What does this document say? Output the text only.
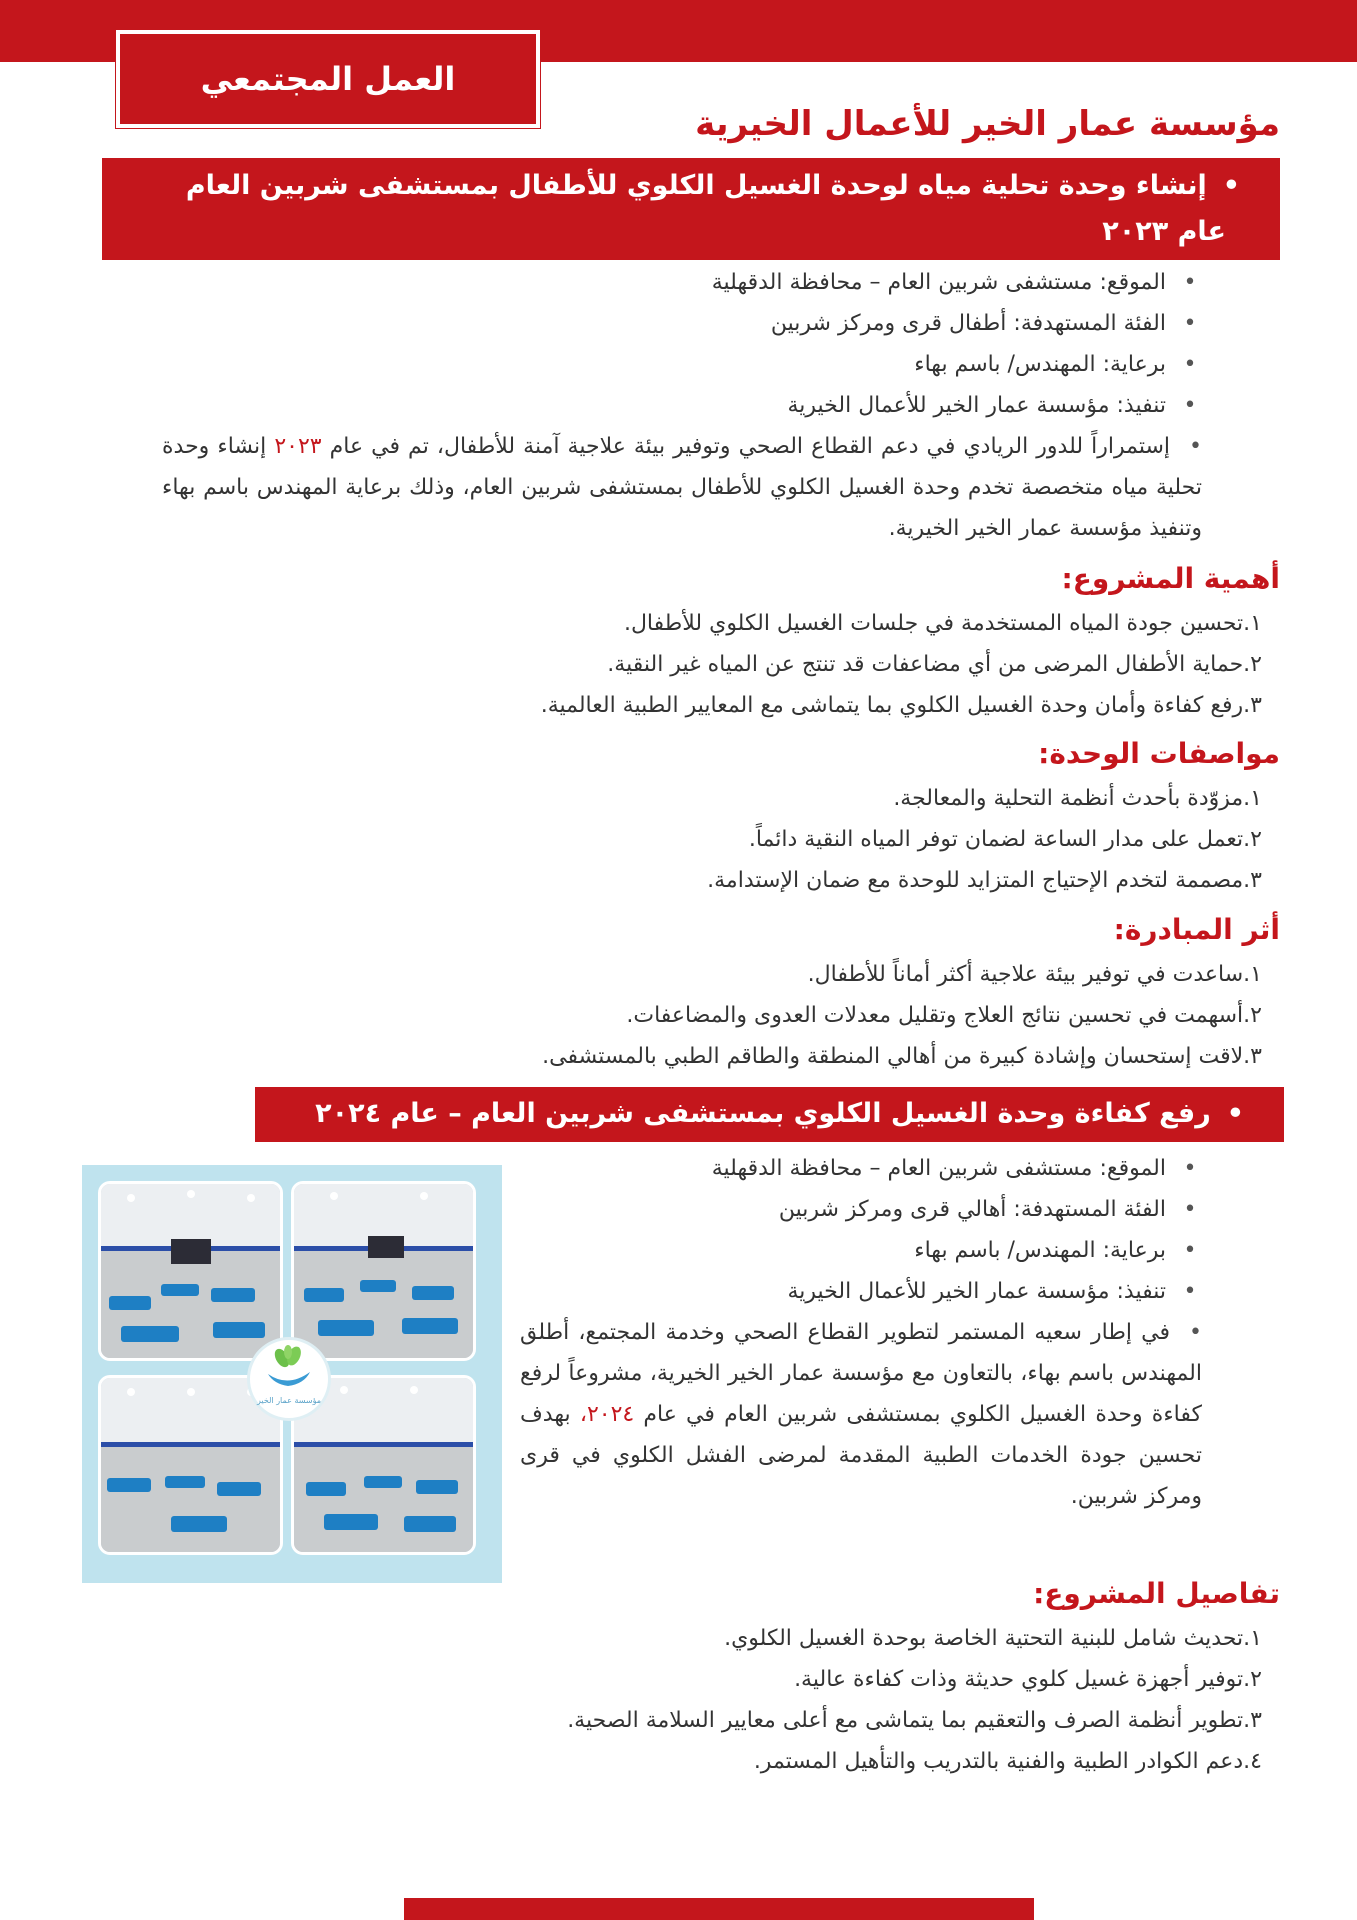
العمل المجتمعي
مؤسسة عمار الخير للأعمال الخيرية
•إنشاء وحدة تحلية مياه لوحدة الغسيل الكلوي للأطفال بمستشفى شربين العام
عام ٢٠٢٣
•الموقع: مستشفى شربين العام – محافظة الدقهلية
•الفئة المستهدفة: أطفال قرى ومركز شربين
•برعاية: المهندس/ باسم بهاء
•تنفيذ: مؤسسة عمار الخير للأعمال الخيرية
•إستمراراً للدور الريادي في دعم القطاع الصحي وتوفير بيئة علاجية آمنة للأطفال، تم في عام ٢٠٢٣ إنشاء وحدة تحلية مياه متخصصة تخدم وحدة الغسيل الكلوي للأطفال بمستشفى شربين العام، وذلك برعاية المهندس باسم بهاء وتنفيذ مؤسسة عمار الخير الخيرية.
أهمية المشروع:
١.تحسين جودة المياه المستخدمة في جلسات الغسيل الكلوي للأطفال.
٢.حماية الأطفال المرضى من أي مضاعفات قد تنتج عن المياه غير النقية.
٣.رفع كفاءة وأمان وحدة الغسيل الكلوي بما يتماشى مع المعايير الطبية العالمية.
مواصفات الوحدة:
١.مزوّدة بأحدث أنظمة التحلية والمعالجة.
٢.تعمل على مدار الساعة لضمان توفر المياه النقية دائماً.
٣.مصممة لتخدم الإحتياج المتزايد للوحدة مع ضمان الإستدامة.
أثر المبادرة:
١.ساعدت في توفير بيئة علاجية أكثر أماناً للأطفال.
٢.أسهمت في تحسين نتائج العلاج وتقليل معدلات العدوى والمضاعفات.
٣.لاقت إستحسان وإشادة كبيرة من أهالي المنطقة والطاقم الطبي بالمستشفى.
•رفع كفاءة وحدة الغسيل الكلوي بمستشفى شربين العام – عام ٢٠٢٤
مؤسسة عمار الخير
•الموقع: مستشفى شربين العام – محافظة الدقهلية
•الفئة المستهدفة: أهالي قرى ومركز شربين
•برعاية: المهندس/ باسم بهاء
•تنفيذ: مؤسسة عمار الخير للأعمال الخيرية
•في إطار سعيه المستمر لتطوير القطاع الصحي وخدمة المجتمع، أطلق المهندس باسم بهاء، بالتعاون مع مؤسسة عمار الخير الخيرية، مشروعاً لرفع كفاءة وحدة الغسيل الكلوي بمستشفى شربين العام في عام ٢٠٢٤، بهدف تحسين جودة الخدمات الطبية المقدمة لمرضى الفشل الكلوي في قرى ومركز شربين.
تفاصيل المشروع:
١.تحديث شامل للبنية التحتية الخاصة بوحدة الغسيل الكلوي.
٢.توفير أجهزة غسيل كلوي حديثة وذات كفاءة عالية.
٣.تطوير أنظمة الصرف والتعقيم بما يتماشى مع أعلى معايير السلامة الصحية.
٤.دعم الكوادر الطبية والفنية بالتدريب والتأهيل المستمر.
